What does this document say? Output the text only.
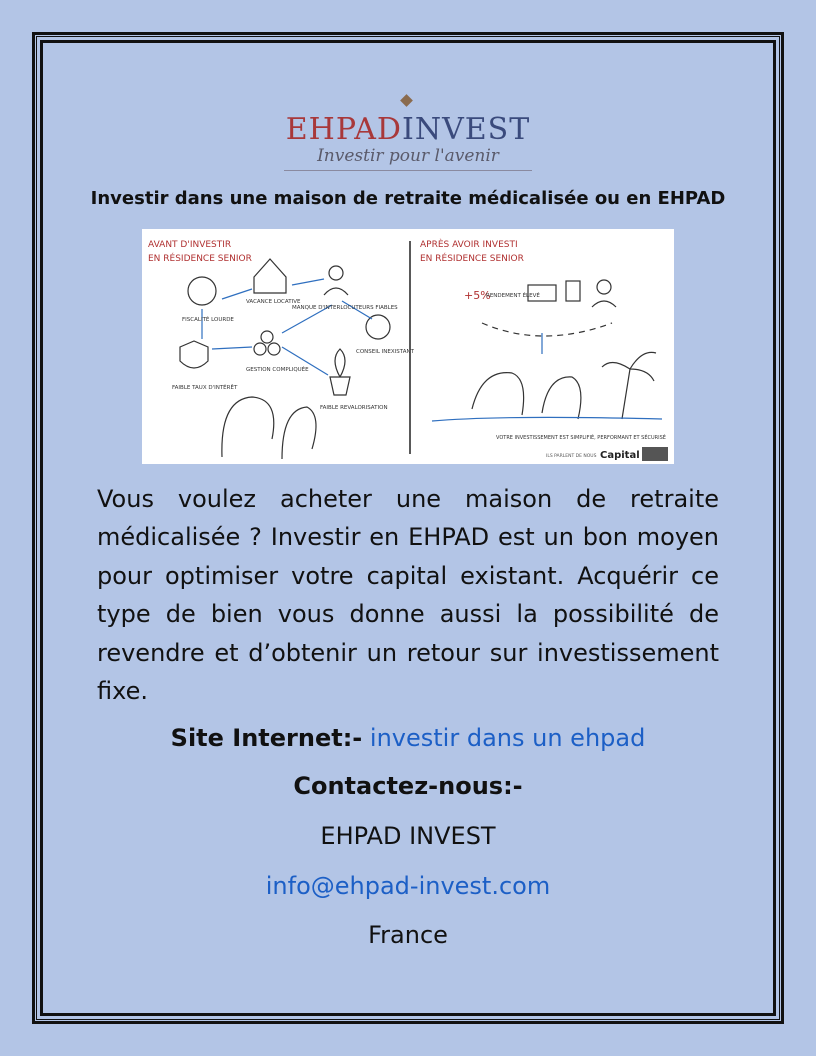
EHPADINVEST
Investir pour l'avenir
Investir dans une maison de retraite médicalisée ou en EHPAD
AVANT D'INVESTIR
EN RÉSIDENCE SENIOR
APRÈS AVOIR INVESTI
EN RÉSIDENCE SENIOR
VACANCE LOCATIVE
FISCALITÉ LOURDE
MANQUE D'INTERLOCUTEURS FIABLES
GESTION COMPLIQUÉE
FAIBLE TAUX D'INTÉRÊT
CONSEIL INEXISTANT
FAIBLE REVALORISATION
+5%
RENDEMENT ÉLEVÉ
VOTRE INVESTISSEMENT EST SIMPLIFIÉ, PERFORMANT ET SÉCURISÉ
ILS PARLENT DE NOUS Capital
Vous voulez acheter une maison de retraite médicalisée ? Investir en EHPAD est un bon moyen pour optimiser votre capital existant. Acquérir ce type de bien vous donne aussi la possibilité de revendre et d’obtenir un retour sur investissement fixe.
Site Internet:- investir dans un ehpad
Contactez-nous:-
EHPAD INVEST
info@ehpad-invest.com
France
